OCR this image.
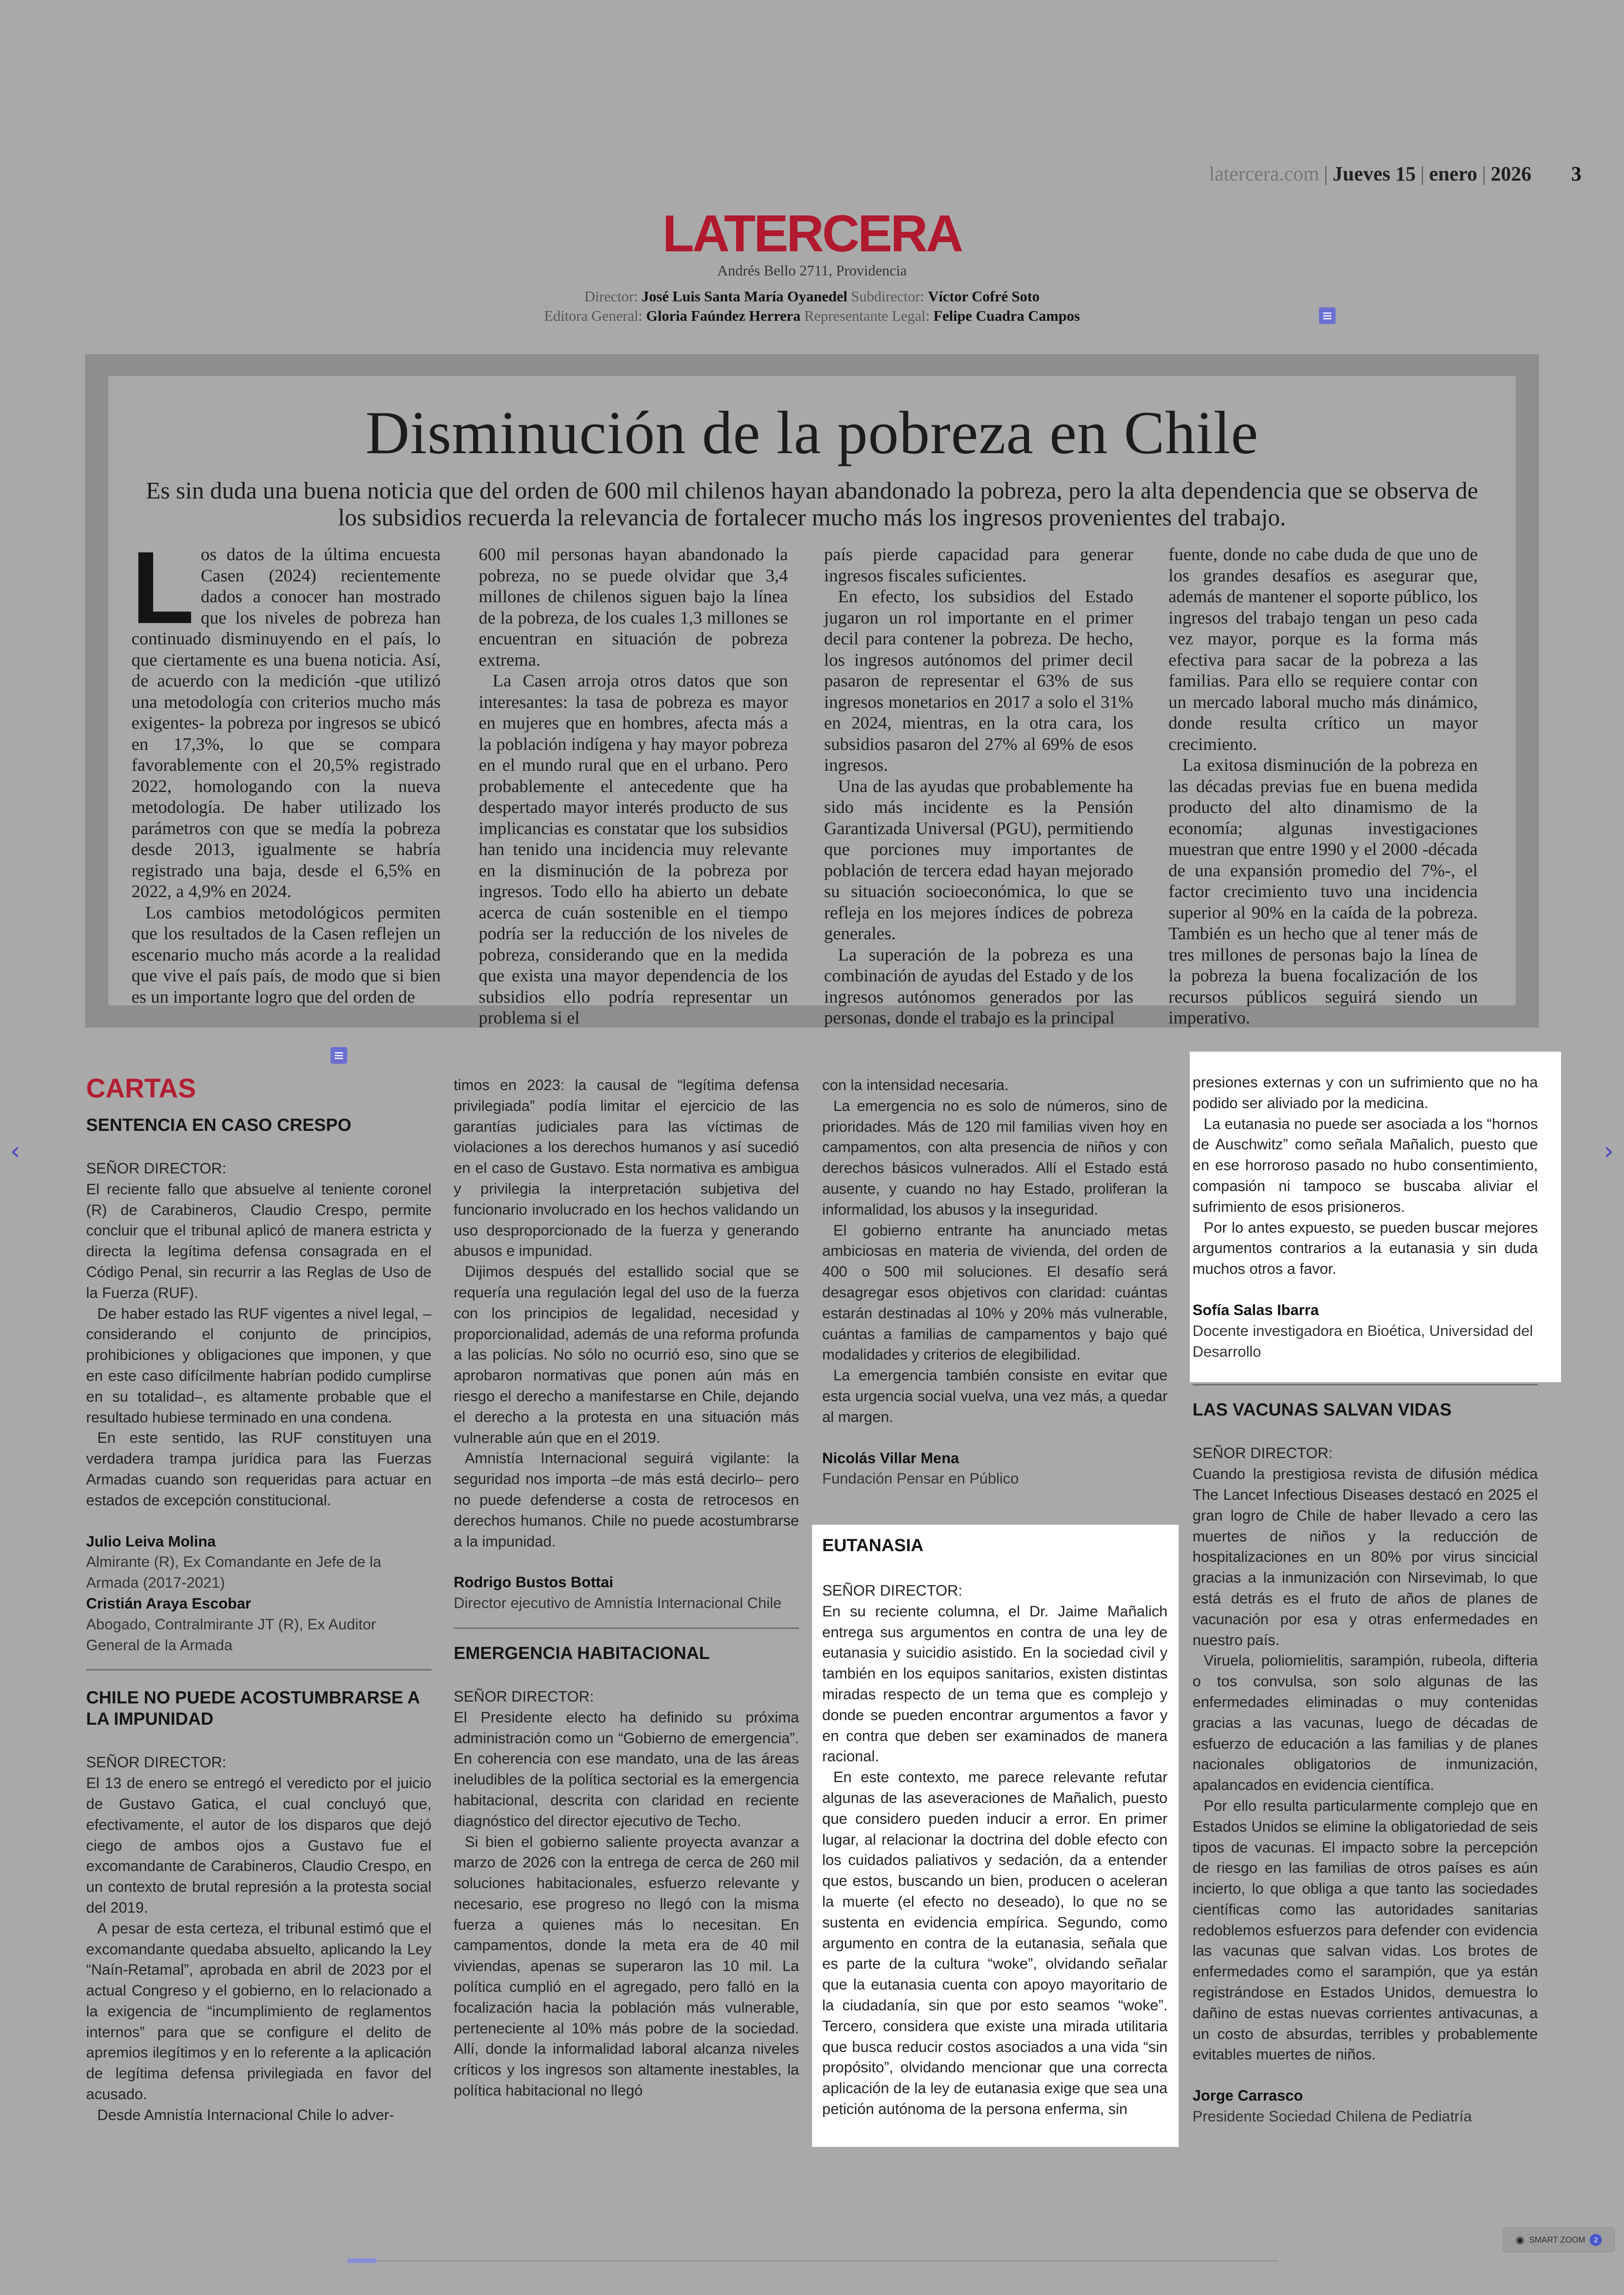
latercera.com | Jueves 15 | enero | 2026 3
LATERCERA
Andrés Bello 2711, Providencia
Director: José Luis Santa María Oyanedel Subdirector: Víctor Cofré Soto
Editora General: Gloria Faúndez Herrera Representante Legal: Felipe Cuadra Campos
Disminución de la pobreza en Chile
Es sin duda una buena noticia que del orden de 600 mil chilenos hayan abandonado la pobreza, pero la alta dependencia que se observa de los subsidios recuerda la relevancia de fortalecer mucho más los ingresos provenientes del trabajo.

Los datos de la última encuesta Casen (2024) recientemente dados a conocer han mostrado que los niveles de pobreza han continuado disminuyendo en el país, lo que ciertamente es una buena noticia. Así, de acuerdo con la medición -que utilizó una metodología con criterios mucho más exigentes- la pobreza por ingresos se ubicó en 17,3%, lo que se compara favorablemente con el 20,5% registrado 2022, homologando con la nueva metodología. De haber utilizado los parámetros con que se medía la pobreza desde 2013, igualmente se habría registrado una baja, desde el 6,5% en 2022, a 4,9% en 2024.

Los cambios metodológicos permiten que los resultados de la Casen reflejen un escenario mucho más acorde a la realidad que vive el país país, de modo que si bien es un importante logro que del orden de

600 mil personas hayan abandonado la pobreza, no se puede olvidar que 3,4 millones de chilenos siguen bajo la línea de la pobreza, de los cuales 1,3 millones se encuentran en situación de pobreza extrema.

La Casen arroja otros datos que son interesantes: la tasa de pobreza es mayor en mujeres que en hombres, afecta más a la población indígena y hay mayor pobreza en el mundo rural que en el urbano. Pero probablemente el antecedente que ha despertado mayor interés producto de sus implicancias es constatar que los subsidios han tenido una incidencia muy relevante en la disminución de la pobreza por ingresos. Todo ello ha abierto un debate acerca de cuán sostenible en el tiempo podría ser la reducción de los niveles de pobreza, considerando que en la medida que exista una mayor dependencia de los subsidios ello podría representar un problema si el

país pierde capacidad para generar ingresos fiscales suficientes.

En efecto, los subsidios del Estado jugaron un rol importante en el primer decil para contener la pobreza. De hecho, los ingresos autónomos del primer decil pasaron de representar el 63% de sus ingresos monetarios en 2017 a solo el 31% en 2024, mientras, en la otra cara, los subsidios pasaron del 27% al 69% de esos ingresos.

Una de las ayudas que probablemente ha sido más incidente es la Pensión Garantizada Universal (PGU), permitiendo que porciones muy importantes de población de tercera edad hayan mejorado su situación socioeconómica, lo que se refleja en los mejores índices de pobreza generales.

La superación de la pobreza es una combinación de ayudas del Estado y de los ingresos autónomos generados por las personas, donde el trabajo es la principal

fuente, donde no cabe duda de que uno de los grandes desafíos es asegurar que, además de mantener el soporte público, los ingresos del trabajo tengan un peso cada vez mayor, porque es la forma más efectiva para sacar de la pobreza a las familias. Para ello se requiere contar con un mercado laboral mucho más dinámico, donde resulta crítico un mayor crecimiento.

La exitosa disminución de la pobreza en las décadas previas fue en buena medida producto del alto dinamismo de la economía; algunas investigaciones muestran que entre 1990 y el 2000 -década de una expansión promedio del 7%-, el factor crecimiento tuvo una incidencia superior al 90% en la caída de la pobreza. También es un hecho que al tener más de tres millones de personas bajo la línea de la pobreza la buena focalización de los recursos públicos seguirá siendo un imperativo.

CARTAS
SENTENCIA EN CASO CRESPO

SEÑOR DIRECTOR:

El reciente fallo que absuelve al teniente coronel (R) de Carabineros, Claudio Crespo, permite concluir que el tribunal aplicó de manera estricta y directa la legítima defensa consagrada en el Código Penal, sin recurrir a las Reglas de Uso de la Fuerza (RUF).

De haber estado las RUF vigentes a nivel legal, –considerando el conjunto de principios, prohibiciones y obligaciones que imponen, y que en este caso difícilmente habrían podido cumplirse en su totalidad–, es altamente probable que el resultado hubiese terminado en una condena.

En este sentido, las RUF constituyen una verdadera trampa jurídica para las Fuerzas Armadas cuando son requeridas para actuar en estados de excepción constitucional.

Julio Leiva Molina

Almirante (R), Ex Comandante en Jefe de la Armada (2017-2021)

Cristián Araya Escobar

Abogado, Contralmirante JT (R), Ex Auditor General de la Armada

CHILE NO PUEDE ACOSTUMBRARSE A LA IMPUNIDAD

SEÑOR DIRECTOR:

El 13 de enero se entregó el veredicto por el juicio de Gustavo Gatica, el cual concluyó que, efectivamente, el autor de los disparos que dejó ciego de ambos ojos a Gustavo fue el excomandante de Carabineros, Claudio Crespo, en un contexto de brutal represión a la protesta social del 2019.

A pesar de esta certeza, el tribunal estimó que el excomandante quedaba absuelto, aplicando la Ley “Naín-Retamal”, aprobada en abril de 2023 por el actual Congreso y el gobierno, en lo relacionado a la exigencia de “incumplimiento de reglamentos internos” para que se configure el delito de apremios ilegítimos y en lo referente a la aplicación de legítima defensa privilegiada en favor del acusado.

Desde Amnistía Internacional Chile lo adver-

timos en 2023: la causal de “legítima defensa privilegiada” podía limitar el ejercicio de las garantías judiciales para las víctimas de violaciones a los derechos humanos y así sucedió en el caso de Gustavo. Esta normativa es ambigua y privilegia la interpretación subjetiva del funcionario involucrado en los hechos validando un uso desproporcionado de la fuerza y generando abusos e impunidad.

Dijimos después del estallido social que se requería una regulación legal del uso de la fuerza con los principios de legalidad, necesidad y proporcionalidad, además de una reforma profunda a las policías. No sólo no ocurrió eso, sino que se aprobaron normativas que ponen aún más en riesgo el derecho a manifestarse en Chile, dejando el derecho a la protesta en una situación más vulnerable aún que en el 2019.

Amnistía Internacional seguirá vigilante: la seguridad nos importa –de más está decirlo– pero no puede defenderse a costa de retrocesos en derechos humanos. Chile no puede acostumbrarse a la impunidad.

Rodrigo Bustos Bottai

Director ejecutivo de Amnistía Internacional Chile

EMERGENCIA HABITACIONAL

SEÑOR DIRECTOR:

El Presidente electo ha definido su próxima administración como un “Gobierno de emergencia”. En coherencia con ese mandato, una de las áreas ineludibles de la política sectorial es la emergencia habitacional, descrita con claridad en reciente diagnóstico del director ejecutivo de Techo.

Si bien el gobierno saliente proyecta avanzar a marzo de 2026 con la entrega de cerca de 260 mil soluciones habitacionales, esfuerzo relevante y necesario, ese progreso no llegó con la misma fuerza a quienes más lo necesitan. En campamentos, donde la meta era de 40 mil viviendas, apenas se superaron las 10 mil. La política cumplió en el agregado, pero falló en la focalización hacia la población más vulnerable, perteneciente al 10% más pobre de la sociedad. Allí, donde la informalidad laboral alcanza niveles críticos y los ingresos son altamente inestables, la política habitacional no llegó

con la intensidad necesaria.

La emergencia no es solo de números, sino de prioridades. Más de 120 mil familias viven hoy en campamentos, con alta presencia de niños y con derechos básicos vulnerados. Allí el Estado está ausente, y cuando no hay Estado, proliferan la informalidad, los abusos y la inseguridad.

El gobierno entrante ha anunciado metas ambiciosas en materia de vivienda, del orden de 400 o 500 mil soluciones. El desafío será desagregar esos objetivos con claridad: cuántas estarán destinadas al 10% y 20% más vulnerable, cuántas a familias de campamentos y bajo qué modalidades y criterios de elegibilidad.

La emergencia también consiste en evitar que esta urgencia social vuelva, una vez más, a quedar al margen.

Nicolás Villar Mena

Fundación Pensar en Público

EUTANASIA

SEÑOR DIRECTOR:

En su reciente columna, el Dr. Jaime Mañalich entrega sus argumentos en contra de una ley de eutanasia y suicidio asistido. En la sociedad civil y también en los equipos sanitarios, existen distintas miradas respecto de un tema que es complejo y donde se pueden encontrar argumentos a favor y en contra que deben ser examinados de manera racional.

En este contexto, me parece relevante refutar algunas de las aseveraciones de Mañalich, puesto que considero pueden inducir a error. En primer lugar, al relacionar la doctrina del doble efecto con los cuidados paliativos y sedación, da a entender que estos, buscando un bien, producen o aceleran la muerte (el efecto no deseado), lo que no se sustenta en evidencia empírica. Segundo, como argumento en contra de la eutanasia, señala que es parte de la cultura “woke”, olvidando señalar que la eutanasia cuenta con apoyo mayoritario de la ciudadanía, sin que por esto seamos “woke”. Tercero, considera que existe una mirada utilitaria que busca reducir costos asociados a una vida “sin propósito”, olvidando mencionar que una correcta aplicación de la ley de eutanasia exige que sea una petición autónoma de la persona enferma, sin

presiones externas y con un sufrimiento que no ha podido ser aliviado por la medicina.

La eutanasia no puede ser asociada a los “hornos de Auschwitz” como señala Mañalich, puesto que en ese horroroso pasado no hubo consentimiento, compasión ni tampoco se buscaba aliviar el sufrimiento de esos prisioneros.

Por lo antes expuesto, se pueden buscar mejores argumentos contrarios a la eutanasia y sin duda muchos otros a favor.

Sofía Salas Ibarra

Docente investigadora en Bioética, Universidad del Desarrollo

LAS VACUNAS SALVAN VIDAS

SEÑOR DIRECTOR:

Cuando la prestigiosa revista de difusión médica The Lancet Infectious Diseases destacó en 2025 el gran logro de Chile de haber llevado a cero las muertes de niños y la reducción de hospitalizaciones en un 80% por virus sincicial gracias a la inmunización con Nirsevimab, lo que está detrás es el fruto de años de planes de vacunación por esa y otras enfermedades en nuestro país.

Viruela, poliomielitis, sarampión, rubeola, difteria o tos convulsa, son solo algunas de las enfermedades eliminadas o muy contenidas gracias a las vacunas, luego de décadas de esfuerzo de educación a las familias y de planes nacionales obligatorios de inmunización, apalancados en evidencia científica.

Por ello resulta particularmente complejo que en Estados Unidos se elimine la obligatoriedad de seis tipos de vacunas. El impacto sobre la percepción de riesgo en las familias de otros países es aún incierto, lo que obliga a que tanto las sociedades científicas como las autoridades sanitarias redoblemos esfuerzos para defender con evidencia las vacunas que salvan vidas. Los brotes de enfermedades como el sarampión, que ya están registrándose en Estados Unidos, demuestra lo dañino de estas nuevas corrientes antivacunas, a un costo de absurdas, terribles y probablemente evitables muertes de niños.

Jorge Carrasco

Presidente Sociedad Chilena de Pediatría

‹	›
◉ SMART ZOOM	2
